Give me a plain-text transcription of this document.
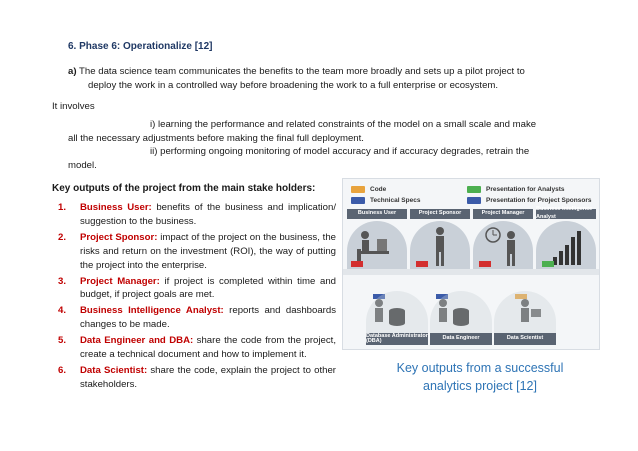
6. Phase 6: Operationalize [12]
a) The data science team communicates the benefits to the team more broadly and sets up a pilot project to
deploy the work in a controlled way before broadening the work to a full enterprise or ecosystem.
It involves
i) learning the performance and related constraints of the model on a small scale and make
all the necessary adjustments before making the final full deployment.
ii) performing ongoing monitoring of model accuracy and if accuracy degrades, retrain the
model.
Key outputs of the project from the main stake holders:
1. Business User: benefits of the business and implication/ suggestion to the business.
2. Project Sponsor: impact of the project on the business, the risks and return on the investment (ROI), the way of putting the project into the enterprise.
3. Project Manager: if project is completed within time and budget, if project goals are met.
4. Business Intelligence Analyst: reports and dashboards changes to be made.
5. Data Engineer and DBA: share the code from the project, create a technical document and how to implement it.
6. Data Scientist: share the code, explain the project to other stakeholders.
Code
Technical Specs
Presentation for Analysts
Presentation for Project Sponsors
Business User	Project Sponsor	Project Manager
Business Intelligence Analyst
Database Administrator (DBA)	Data Engineer	Data Scientist
Key outputs from a successful
analytics project [12]
